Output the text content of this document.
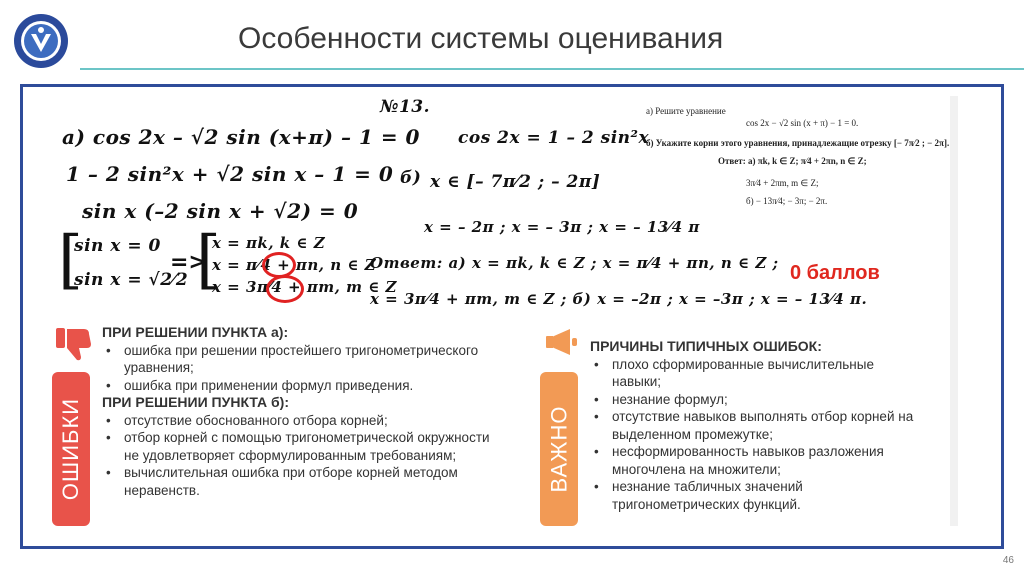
Особенности системы оценивания
№13.
а) cos 2x – √2 sin (x+π) – 1 = 0
1 – 2 sin²x + √2 sin x – 1 = 0
sin x (–2 sin x + √2) = 0
[
sin x = 0
sin x = √2⁄2
=>
[
x = πk, k ∈ Z
x = π⁄4 + πn, n ∈ Z
x = 3π⁄4 + πm, m ∈ Z
cos 2x = 1 – 2 sin²x
б) x ∈ [– 7π⁄2 ; – 2π]
x = – 2π ; x = – 3π ; x = – 13⁄4 π
Ответ: а) x = πk, k ∈ Z ; x = π⁄4 + πn, n ∈ Z ;
x = 3π⁄4 + πm, m ∈ Z ; б) x = –2π ; x = –3π ; x = – 13⁄4 π.
а) Решите уравнение
cos 2x − √2 sin (x + π) − 1 = 0.
б) Укажите корни этого уравнения, принадлежащие отрезку [− 7π⁄2 ; − 2π].
Ответ: а) πk, k ∈ Z; π⁄4 + 2πn, n ∈ Z;
3π⁄4 + 2πm, m ∈ Z;
б) − 13π⁄4; − 3π; − 2π.
0 баллов
ОШИБКИ
ПРИ РЕШЕНИИ ПУНКТА а):
• ошибка при решении простейшего тригонометрического уравнения;
• ошибка при применении формул приведения.
ПРИ РЕШЕНИИ ПУНКТА б):
• отсутствие обоснованного отбора корней;
• отбор корней с помощью тригонометрической окружности не удовлетворяет сформулированным требованиям;
• вычислительная ошибка при отборе корней методом неравенств.	ВАЖНО
ПРИЧИНЫ ТИПИЧНЫХ ОШИБОК:
• плохо сформированные вычислительные навыки;
• незнание формул;
• отсутствие навыков выполнять отбор корней на выделенном промежутке;
• несформированность навыков разложения многочлена на множители;
• незнание табличных значений тригонометрических функций.
46
